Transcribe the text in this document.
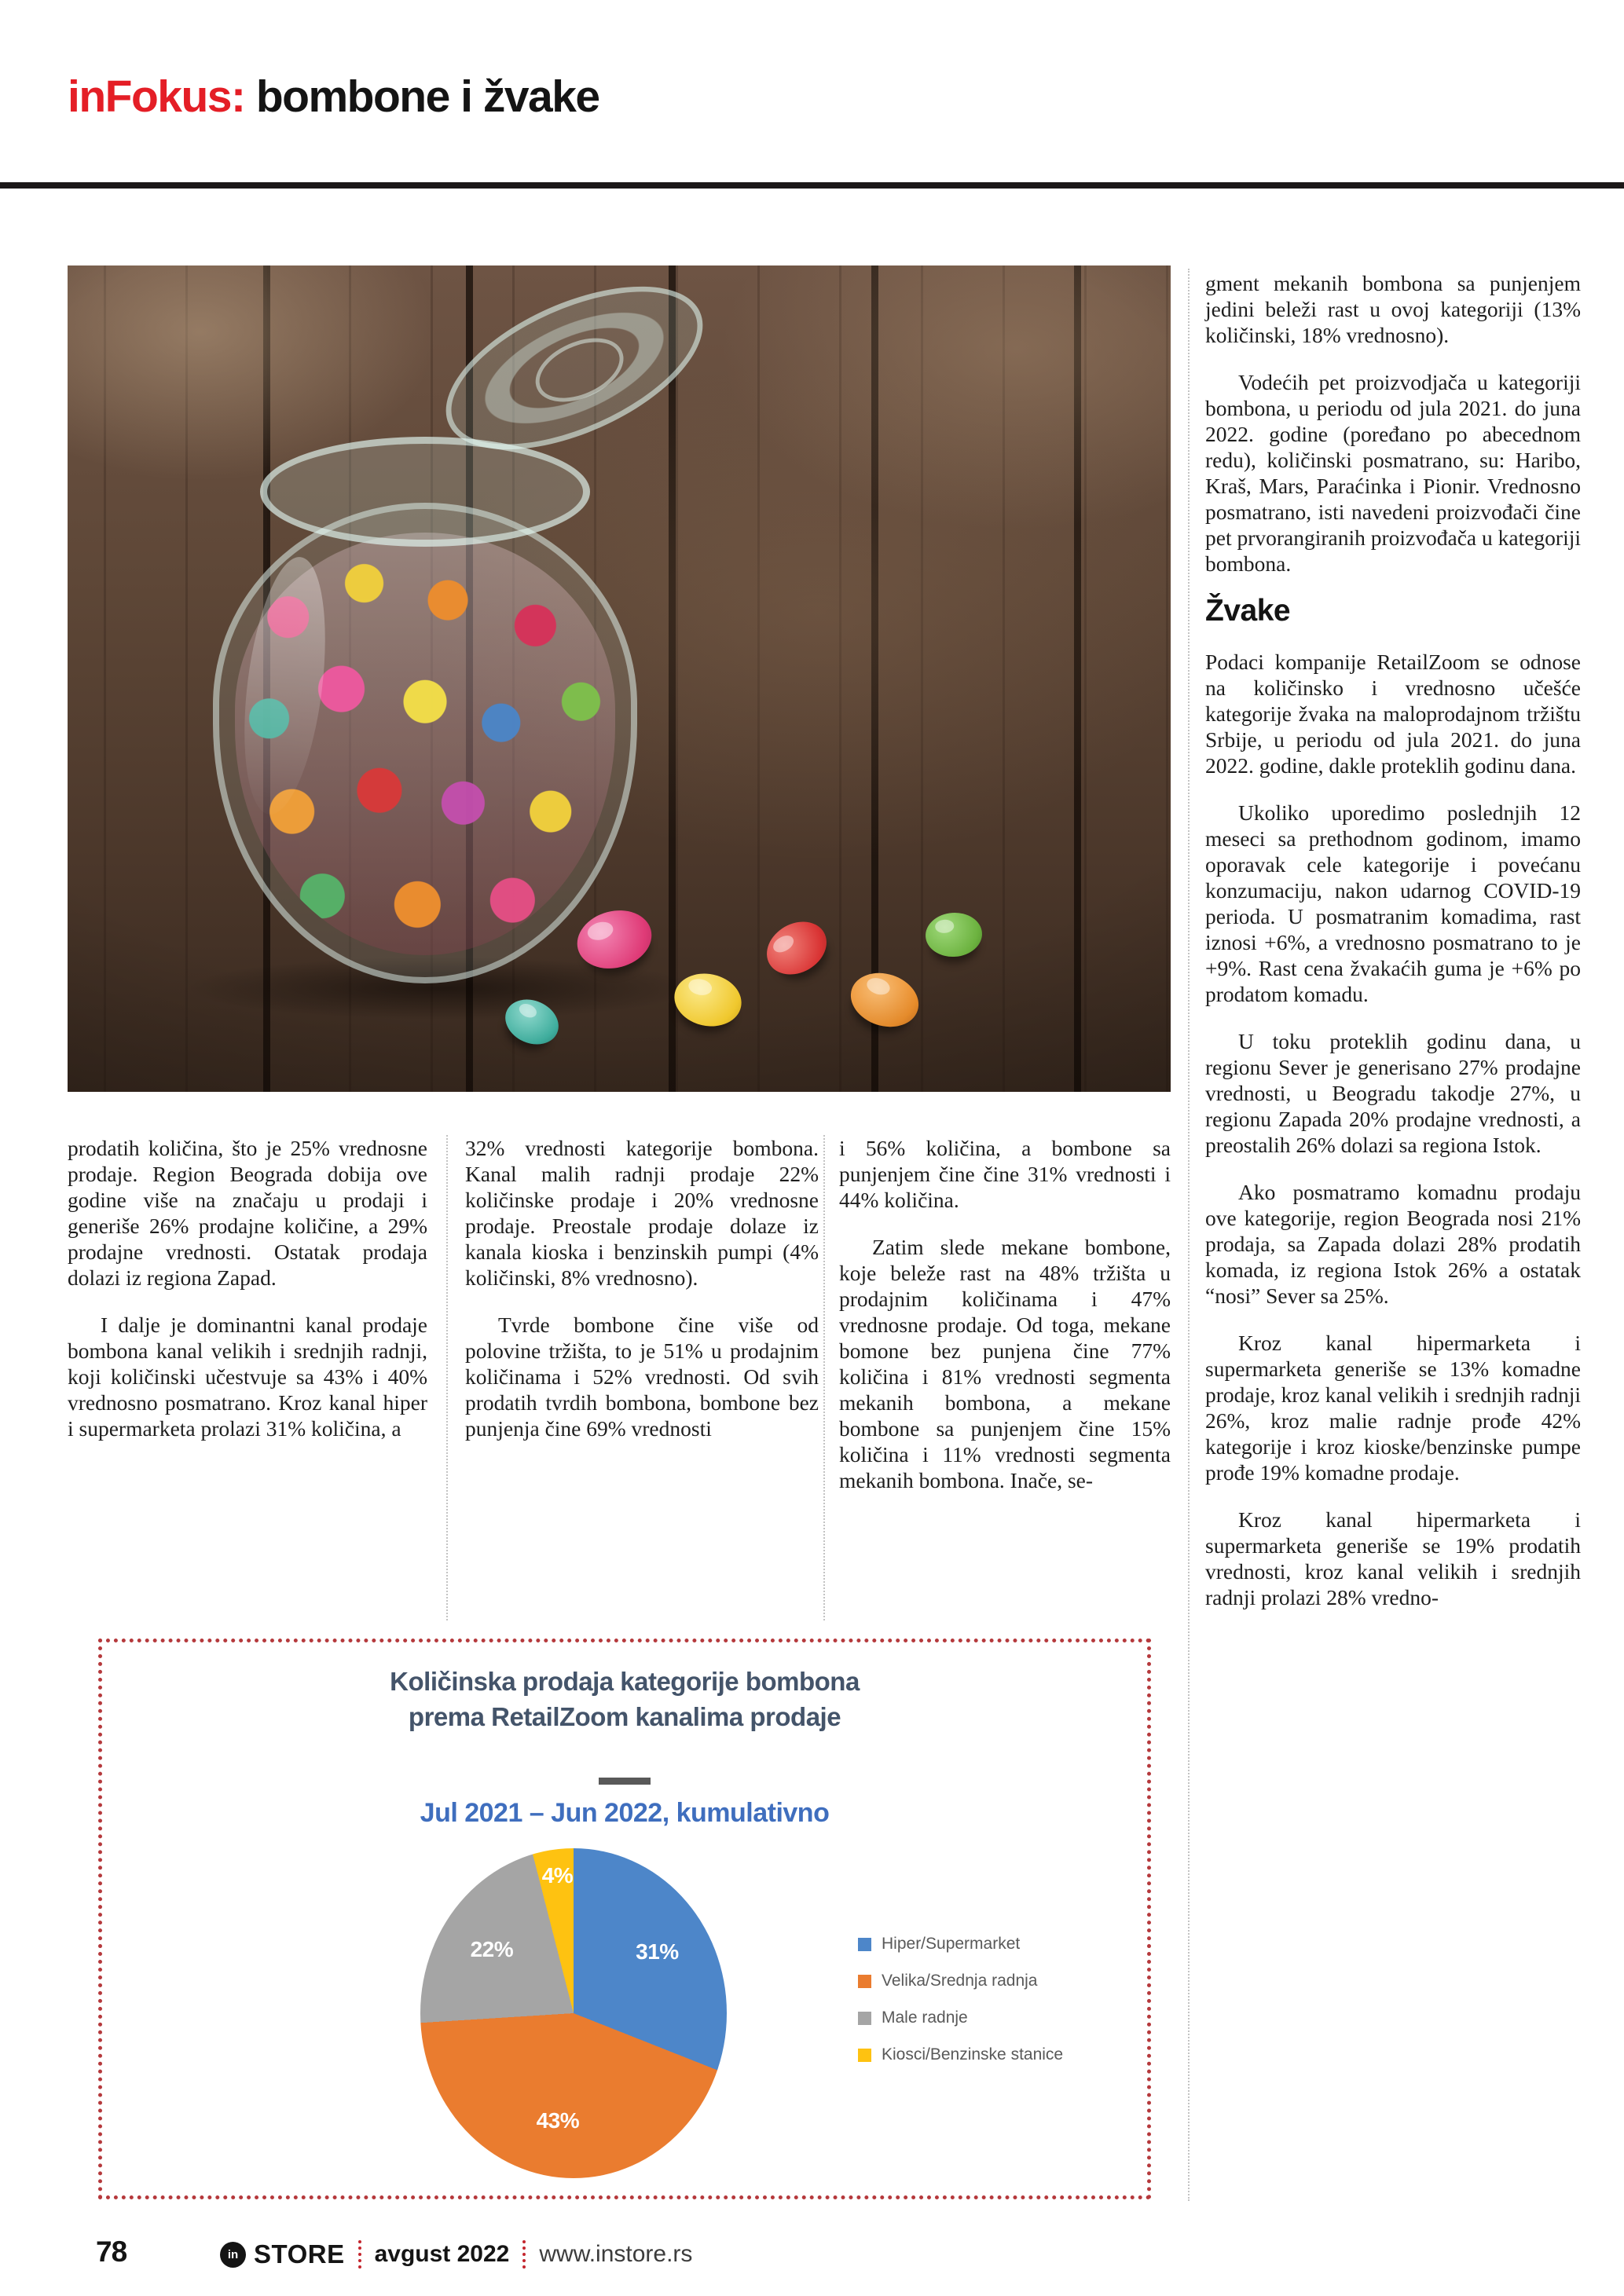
inFokus: bombone i žvake

prodatih količina, što je 25% vrednosne prodaje. Region Beograda dobija ove godine više na značaju u prodaji i generiše 26% prodajne količine, a 29% prodajne vrednosti. Ostatak prodaja dolazi iz regiona Zapad.

I dalje je dominantni kanal prodaje bombona kanal velikih i srednjih radnji, koji količinski učestvuje sa 43% i 40% vrednosno posmatrano. Kroz kanal hiper i supermarketa prolazi 31% količina, a

32% vrednosti kategorije bombona. Kanal malih radnji prodaje 22% količinske prodaje i 20% vrednosne prodaje. Preostale prodaje dolaze iz kanala kioska i benzinskih pumpi (4% količinski, 8% vrednosno).

Tvrde bombone čine više od polovine tržišta, to je 51% u prodajnim količinama i 52% vrednosti. Od svih prodatih tvrdih bombona, bombone bez punjenja čine 69% vrednosti

i 56% količina, a bombone sa punjenjem čine čine 31% vrednosti i 44% količina.

Zatim slede mekane bombone, koje beleže rast na 48% tržišta u prodajnim količinama i 47% vrednosne prodaje. Od toga, mekane bomone bez punjena čine 77% količina i 81% vrednosti segmenta mekanih bombona, a mekane bombone sa punjenjem čine 15% količina i 11% vrednosti segmenta mekanih bombona. Inače, se-

gment mekanih bombona sa punjenjem jedini beleži rast u ovoj kategoriji (13% količinski, 18% vrednosno).

Vodećih pet proizvodjača u kategoriji bombona, u periodu od jula 2021. do juna 2022. godine (poređano po abecednom redu), količinski posmatrano, su: Haribo, Kraš, Mars, Paraćinka i Pionir. Vrednosno posmatrano, isti navedeni proizvođači čine pet prvorangiranih proizvođača u kategoriji bombona.

Žvake

Podaci kompanije RetailZoom se odnose na količinsko i vrednosno učešće kategorije žvaka na maloprodajnom tržištu Srbije, u periodu od jula 2021. do juna 2022. godine, dakle proteklih godinu dana.

Ukoliko uporedimo poslednjih 12 meseci sa prethodnom godinom, imamo oporavak cele kategorije i povećanu konzumaciju, nakon udarnog COVID-19 perioda. U posmatranim komadima, rast iznosi +6%, a vrednosno posmatrano to je +9%. Rast cena žvakaćih guma je +6% po prodatom komadu.

U toku proteklih godinu dana, u regionu Sever je generisano 27% prodajne vrednosti, u Beogradu takodje 27%, u regionu Zapada 20% prodajne vrednosti, a preostalih 26% dolazi sa regiona Istok.

Ako posmatramo komadnu prodaju ove kategorije, region Beograda nosi 21% prodaja, sa Zapada dolazi 28% prodatih komada, iz regiona Istok 26% a ostatak “nosi” Sever sa 25%.

Kroz kanal hipermarketa i supermarketa generiše se 13% komadne prodaje, kroz kanal velikih i srednjih radnji 26%, kroz malie radnje prođe 42% kategorije i kroz kioske/benzinske pumpe prođe 19% komadne prodaje.

Kroz kanal hipermarketa i supermarketa generiše se 19% prodatih vrednosti, kroz kanal velikih i srednjih radnji prolazi 28% vredno-

Količinska prodaja kategorije bombona
prema RetailZoom kanalima prodaje
Jul 2021 – Jun 2022, kumulativno
31%
43%
22%
4%
Hiper/Supermarket
Velika/Srednja radnja
Male radnje
Kiosci/Benzinske stanice
78	in STORE avgust 2022 www.instore.rs
